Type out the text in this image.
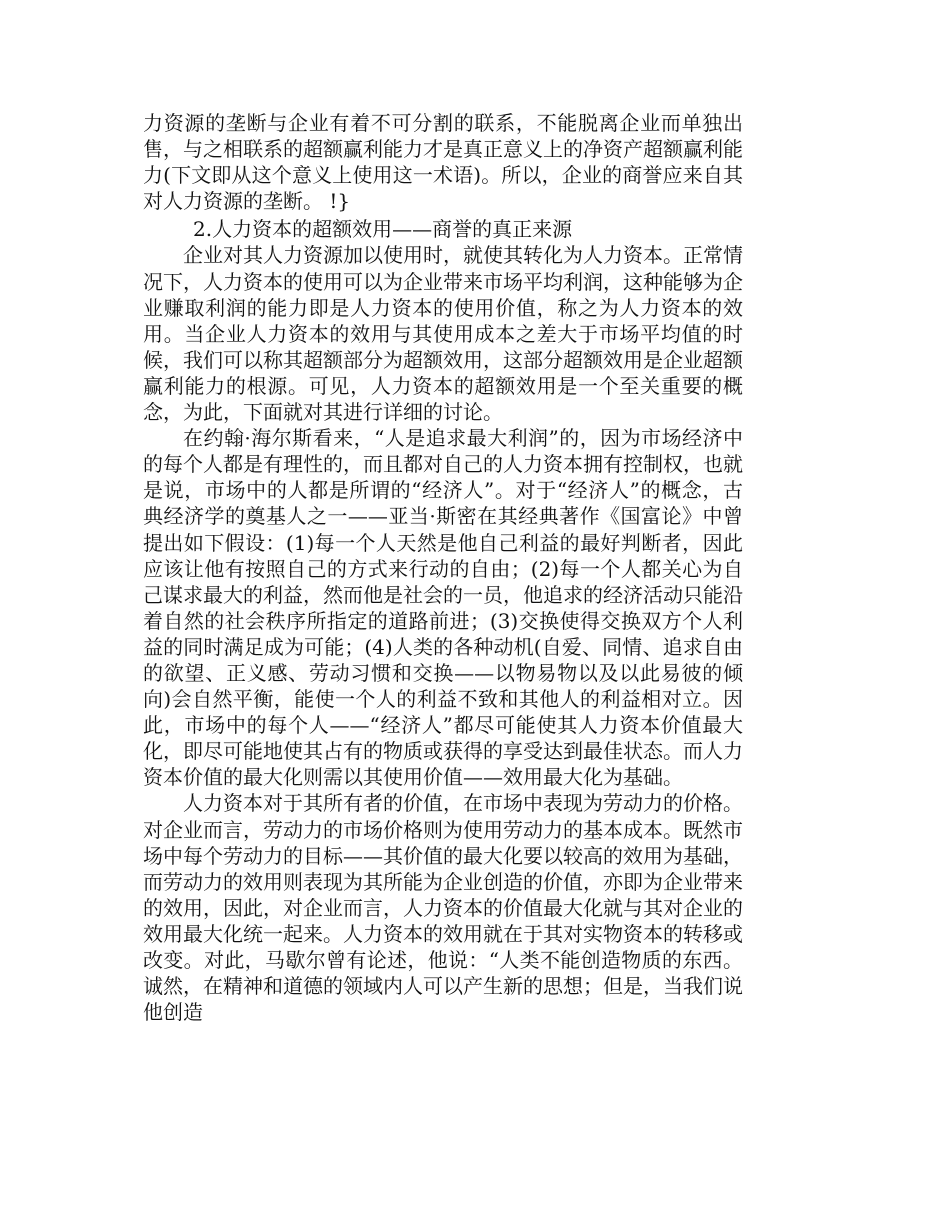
力资源的垄断与企业有着不可分割的联系，不能脱离企业而单独出售，与之相联系的超额赢利能力才是真正意义上的净资产超额赢利能力(下文即从这个意义上使用这一术语)。所以，企业的商誉应来自其对人力资源的垄断。 !}

2.人力资本的超额效用——商誉的真正来源

企业对其人力资源加以使用时，就使其转化为人力资本。正常情况下，人力资本的使用可以为企业带来市场平均利润，这种能够为企业赚取利润的能力即是人力资本的使用价值，称之为人力资本的效用。当企业人力资本的效用与其使用成本之差大于市场平均值的时候，我们可以称其超额部分为超额效用，这部分超额效用是企业超额赢利能力的根源。可见，人力资本的超额效用是一个至关重要的概念，为此，下面就对其进行详细的讨论。

在约翰·海尔斯看来，“人是追求最大利润”的，因为市场经济中的每个人都是有理性的，而且都对自己的人力资本拥有控制权，也就是说，市场中的人都是所谓的“经济人”。对于“经济人”的概念，古典经济学的奠基人之一——亚当·斯密在其经典著作《国富论》中曾提出如下假设：(1)每一个人天然是他自己利益的最好判断者，因此应该让他有按照自己的方式来行动的自由；(2)每一个人都关心为自己谋求最大的利益，然而他是社会的一员，他追求的经济活动只能沿着自然的社会秩序所指定的道路前进；(3)交换使得交换双方个人利益的同时满足成为可能；(4)人类的各种动机(自爱、同情、追求自由的欲望、正义感、劳动习惯和交换——以物易物以及以此易彼的倾向)会自然平衡，能使一个人的利益不致和其他人的利益相对立。因此，市场中的每个人——“经济人”都尽可能使其人力资本价值最大化，即尽可能地使其占有的物质或获得的享受达到最佳状态。而人力资本价值的最大化则需以其使用价值——效用最大化为基础。

人力资本对于其所有者的价值，在市场中表现为劳动力的价格。对企业而言，劳动力的市场价格则为使用劳动力的基本成本。既然市场中每个劳动力的目标——其价值的最大化要以较高的效用为基础，而劳动力的效用则表现为其所能为企业创造的价值，亦即为企业带来的效用，因此，对企业而言，人力资本的价值最大化就与其对企业的效用最大化统一起来。人力资本的效用就在于其对实物资本的转移或改变。对此，马歇尔曾有论述，他说：“人类不能创造物质的东西。诚然，在精神和道德的领域内人可以产生新的思想；但是，当我们说他创造
